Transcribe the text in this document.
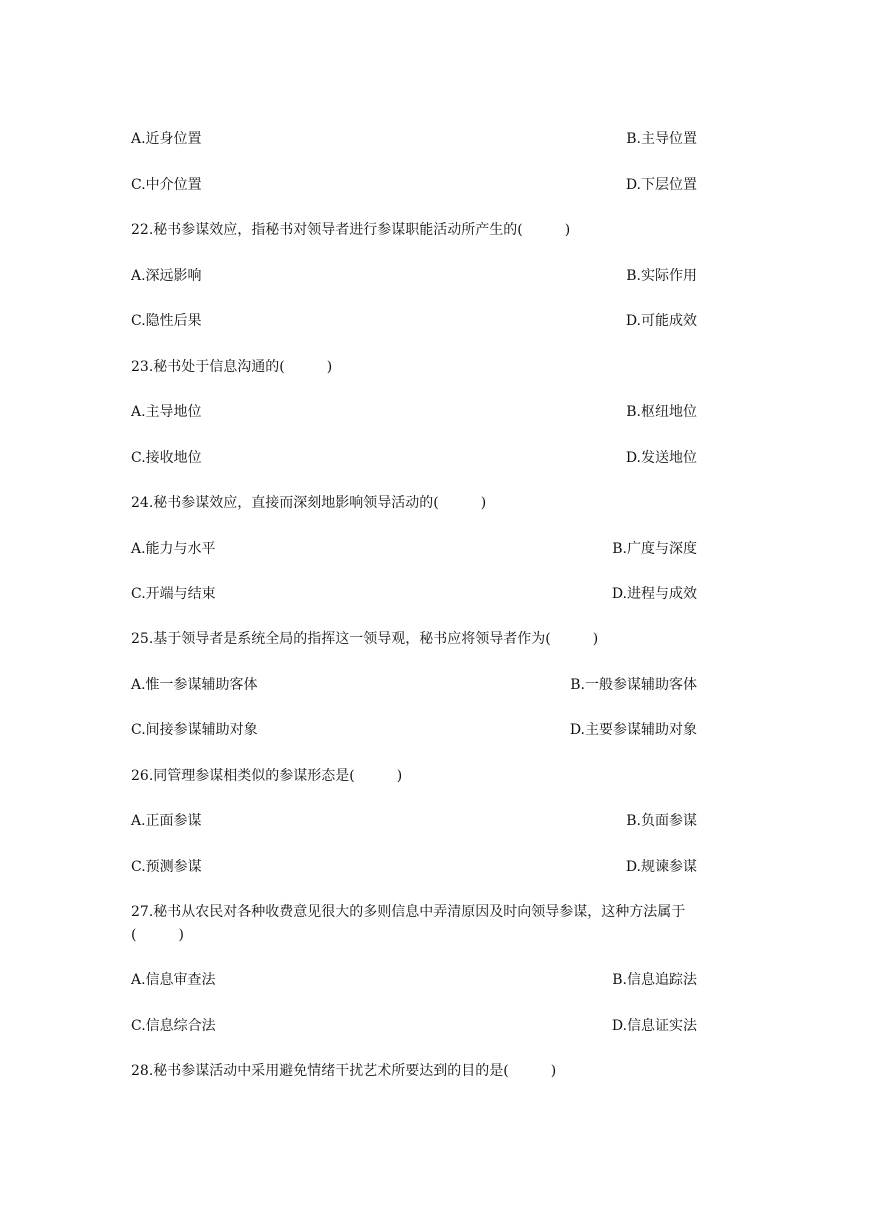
A.近身位置	B.主导位置
C.中介位置	D.下层位置
22.秘书参谋效应，指秘书对领导者进行参谋职能活动所产生的(　　　)
A.深远影响	B.实际作用
C.隐性后果	D.可能成效
23.秘书处于信息沟通的(　　　)
A.主导地位	B.枢纽地位
C.接收地位	D.发送地位
24.秘书参谋效应，直接而深刻地影响领导活动的(　　　)
A.能力与水平	B.广度与深度
C.开端与结束	D.进程与成效
25.基于领导者是系统全局的指挥这一领导观，秘书应将领导者作为(　　　)
A.惟一参谋辅助客体	B.一般参谋辅助客体
C.间接参谋辅助对象	D.主要参谋辅助对象
26.同管理参谋相类似的参谋形态是(　　　)
A.正面参谋	B.负面参谋
C.预测参谋	D.规谏参谋
27.秘书从农民对各种收费意见很大的多则信息中弄清原因及时向领导参谋，这种方法属于
(　　　)
A.信息审查法	B.信息追踪法
C.信息综合法	D.信息证实法
28.秘书参谋活动中采用避免情绪干扰艺术所要达到的目的是(　　　)
